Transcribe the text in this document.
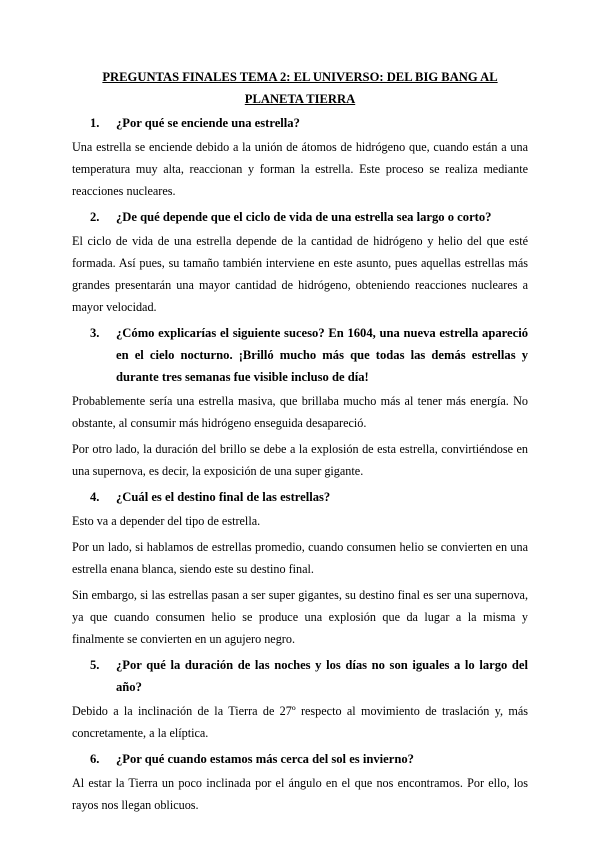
PREGUNTAS FINALES TEMA 2: EL UNIVERSO: DEL BIG BANG AL PLANETA TIERRA
1.	¿Por qué se enciende una estrella?

Una estrella se enciende debido a la unión de átomos de hidrógeno que, cuando están a una temperatura muy alta, reaccionan y forman la estrella. Este proceso se realiza mediante reacciones nucleares.

2.	¿De qué depende que el ciclo de vida de una estrella sea largo o corto?

El ciclo de vida de una estrella depende de la cantidad de hidrógeno y helio del que esté formada. Así pues, su tamaño también interviene en este asunto, pues aquellas estrellas más grandes presentarán una mayor cantidad de hidrógeno, obteniendo reacciones nucleares a mayor velocidad.

3.	¿Cómo explicarías el siguiente suceso? En 1604, una nueva estrella apareció en el cielo nocturno. ¡Brilló mucho más que todas las demás estrellas y durante tres semanas fue visible incluso de día!

Probablemente sería una estrella masiva, que brillaba mucho más al tener más energía. No obstante, al consumir más hidrógeno enseguida desapareció.

Por otro lado, la duración del brillo se debe a la explosión de esta estrella, convirtiéndose en una supernova, es decir, la exposición de una super gigante.

4.	¿Cuál es el destino final de las estrellas?

Esto va a depender del tipo de estrella.

Por un lado, si hablamos de estrellas promedio, cuando consumen helio se convierten en una estrella enana blanca, siendo este su destino final.

Sin embargo, si las estrellas pasan a ser super gigantes, su destino final es ser una supernova, ya que cuando consumen helio se produce una explosión que da lugar a la misma y finalmente se convierten en un agujero negro.

5.	¿Por qué la duración de las noches y los días no son iguales a lo largo del año?

Debido a la inclinación de la Tierra de 27º respecto al movimiento de traslación y, más concretamente, a la elíptica.

6.	¿Por qué cuando estamos más cerca del sol es invierno?

Al estar la Tierra un poco inclinada por el ángulo en el que nos encontramos. Por ello, los rayos nos llegan oblicuos.
